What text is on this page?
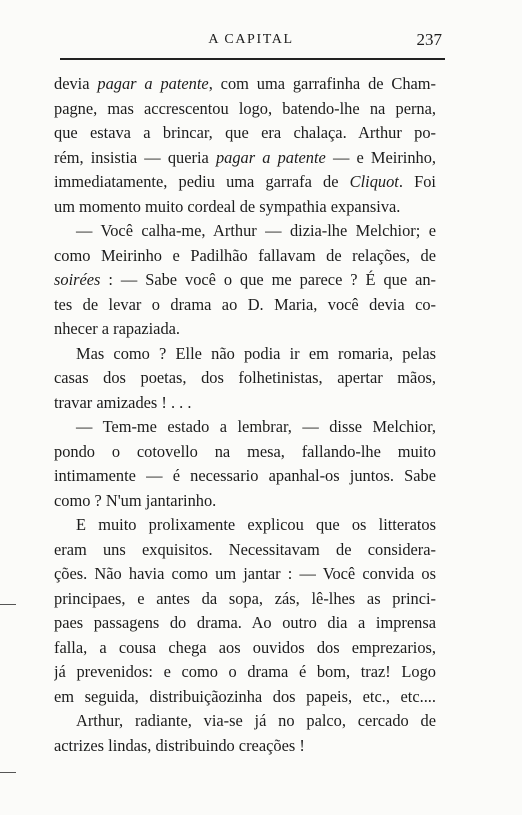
A CAPITAL	237
devia pagar a patente, com uma garrafinha de Cham-
pagne, mas accrescentou logo, batendo-lhe na perna,
que estava a brincar, que era chalaça. Arthur po-
rém, insistia — queria pagar a patente — e Meirinho,
immediatamente, pediu uma garrafa de Cliquot. Foi
um momento muito cordeal de sympathia expansiva.
— Você calha-me, Arthur — dizia-lhe Melchior; e
como Meirinho e Padilhão fallavam de relações, de
soirées : — Sabe você o que me parece ? É que an-
tes de levar o drama ao D. Maria, você devia co-
nhecer a rapaziada.
Mas como ? Elle não podia ir em romaria, pelas
casas dos poetas, dos folhetinistas, apertar mãos,
travar amizades ! . . .
— Tem-me estado a lembrar, — disse Melchior,
pondo o cotovello na mesa, fallando-lhe muito
intimamente — é necessario apanhal-os juntos. Sabe
como ? N'um jantarinho.
E muito prolixamente explicou que os litteratos
eram uns exquisitos. Necessitavam de considera-
ções. Não havia como um jantar : — Você convida os
principaes, e antes da sopa, zás, lê-lhes as princi-
paes passagens do drama. Ao outro dia a imprensa
falla, a cousa chega aos ouvidos dos emprezarios,
já prevenidos: e como o drama é bom, traz! Logo
em seguida, distribuiçãozinha dos papeis, etc., etc....
Arthur, radiante, via-se já no palco, cercado de
actrizes lindas, distribuindo creações !
